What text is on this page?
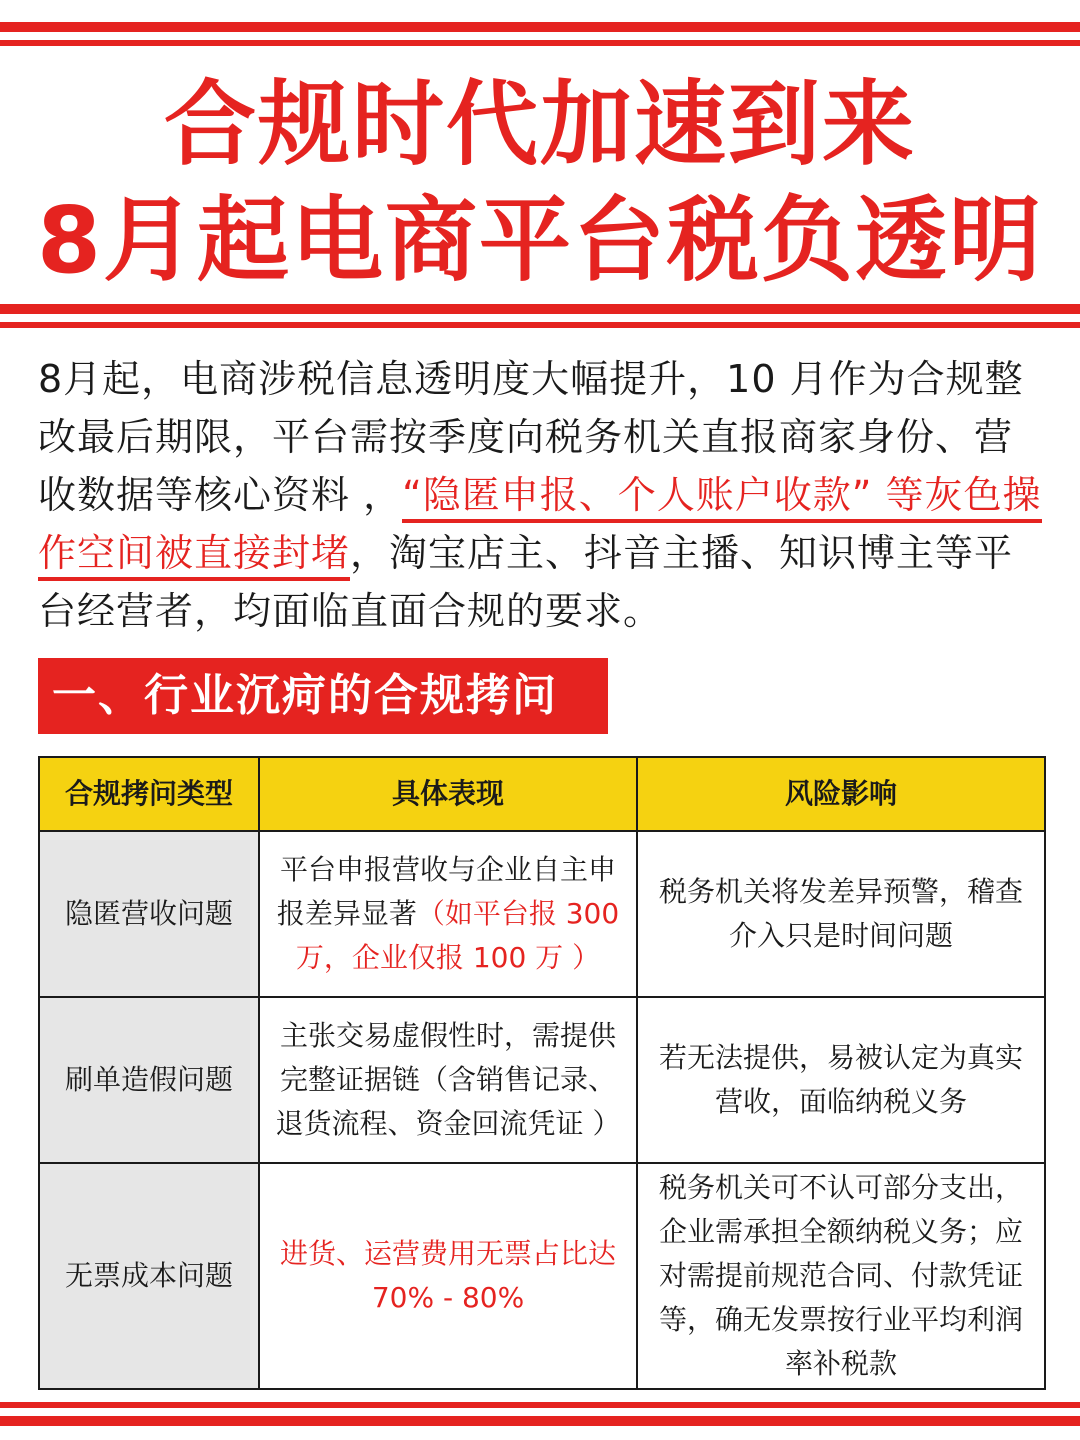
合规时代加速到来
8月起电商平台税负透明
8月起，电商涉税信息透明度大幅提升，10 月作为合规整改最后期限，平台需按季度向税务机关直报商家身份、营收数据等核心资料 ，“隐匿申报、个人账户收款” 等灰色操作空间被直接封堵，淘宝店主、抖音主播、知识博主等平台经营者，均面临直面合规的要求。
一、行业沉疴的合规拷问
合规拷问类型	具体表现	风险影响
隐匿营收问题	平台申报营收与企业自主申报差异显著（如平台报 300 万，企业仅报 100 万 ）	税务机关将发差异预警，稽查介入只是时间问题
刷单造假问题	主张交易虚假性时，需提供完整证据链（含销售记录、退货流程、资金回流凭证 ）	若无法提供，易被认定为真实营收，面临纳税义务
无票成本问题	进货、运营费用无票占比达 70% - 80%	税务机关可不认可部分支出，企业需承担全额纳税义务；应对需提前规范合同、付款凭证等，确无发票按行业平均利润率补税款
